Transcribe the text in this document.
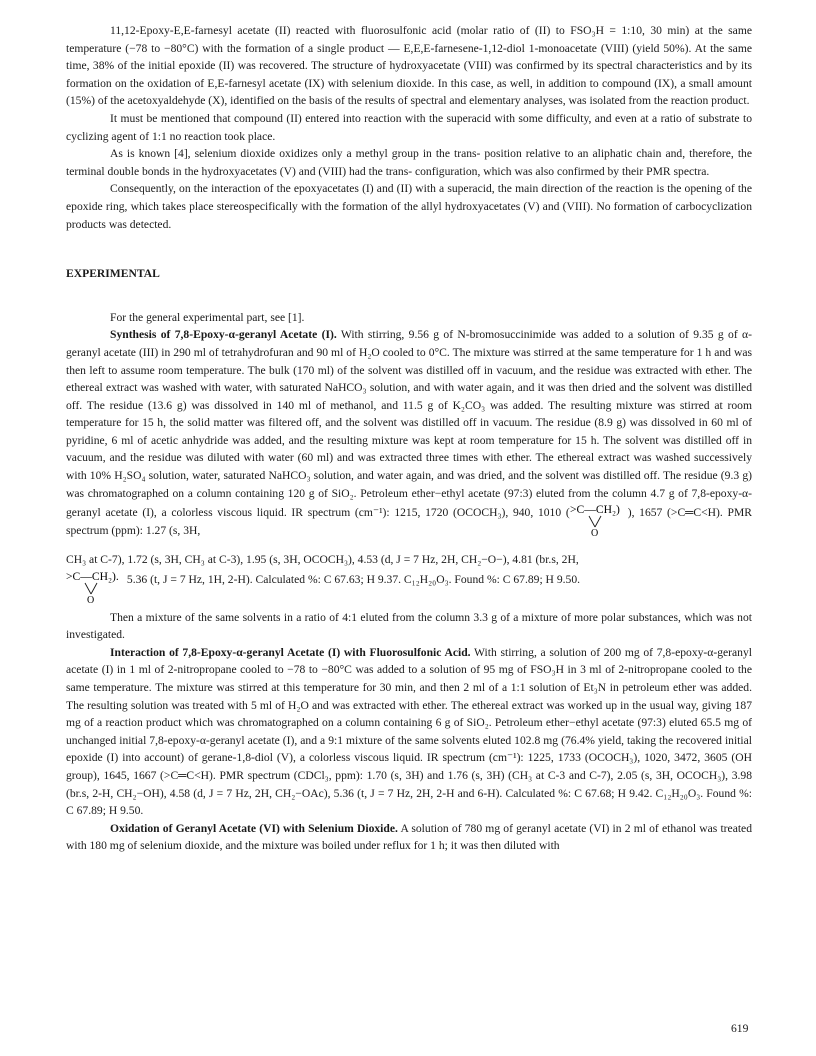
11,12-Epoxy-E,E-farnesyl acetate (II) reacted with fluorosulfonic acid (molar ratio of (II) to FSO₃H = 1:10, 30 min) at the same temperature (−78 to −80°C) with the formation of a single product — E,E,E-farnesene-1,12-diol 1-monoacetate (VIII) (yield 50%). At the same time, 38% of the initial epoxide (II) was recovered. The structure of hydroxyacetate (VIII) was confirmed by its spectral characteristics and by its formation on the oxidation of E,E-farnesyl acetate (IX) with selenium dioxide. In this case, as well, in addition to compound (IX), a small amount (15%) of the acetoxyaldehyde (X), identified on the basis of the results of spectral and elementary analyses, was isolated from the reaction product.

It must be mentioned that compound (II) entered into reaction with the superacid with some difficulty, and even at a ratio of substrate to cyclizing agent of 1:1 no reaction took place.

As is known [4], selenium dioxide oxidizes only a methyl group in the trans- position relative to an aliphatic chain and, therefore, the terminal double bonds in the hydroxyacetates (V) and (VIII) had the trans- configuration, which was also confirmed by their PMR spectra.

Consequently, on the interaction of the epoxyacetates (I) and (II) with a superacid, the main direction of the reaction is the opening of the epoxide ring, which takes place stereospecifically with the formation of the allyl hydroxyacetates (V) and (VIII). No formation of carbocyclization products was detected.

EXPERIMENTAL

For the general experimental part, see [1].

Synthesis of 7,8-Epoxy-α-geranyl Acetate (I). With stirring, 9.56 g of N-bromosuccinimide was added to a solution of 9.35 g of α-geranyl acetate (III) in 290 ml of tetrahydrofuran and 90 ml of H₂O cooled to 0°C. The mixture was stirred at the same temperature for 1 h and was then left to assume room temperature. The bulk (170 ml) of the solvent was distilled off in vacuum, and the residue was extracted with ether. The ethereal extract was washed with water, with saturated NaHCO₃ solution, and with water again, and it was then dried and the solvent was distilled off. The residue (13.6 g) was dissolved in 140 ml of methanol, and 11.5 g of K₂CO₃ was added. The resulting mixture was stirred at room temperature for 15 h, the solid matter was filtered off, and the solvent was distilled off in vacuum. The residue (8.9 g) was dissolved in 60 ml of pyridine, 6 ml of acetic anhydride was added, and the resulting mixture was kept at room temperature for 15 h. The solvent was distilled off in vacuum, and the residue was diluted with water (60 ml) and was extracted three times with ether. The ethereal extract was washed successively with 10% H₂SO₄ solution, water, saturated NaHCO₃ solution, and water again, and was dried, and the solvent was distilled off. The residue (9.3 g) was chromatographed on a column containing 120 g of SiO₂. Petroleum ether−ethyl acetate (97:3) eluted from the column 4.7 g of 7,8-epoxy-α-geranyl acetate (I), a colorless viscous liquid. IR spectrum (cm⁻¹): 1215, 1720 (OCOCH₃), 940, 1010 ( >C—CH₂)
O
), 1657 (>C═C<H). PMR spectrum (ppm): 1.27 (s, 3H,

CH₃ at C-7), 1.72 (s, 3H, CH₃ at C-3), 1.95 (s, 3H, OCOCH₃), 4.53 (d, J = 7 Hz, 2H, CH₂−O−), 4.81 (br.s, 2H,

>C—CH₂).
O
5.36 (t, J = 7 Hz, 1H, 2-H). Calculated %: C 67.63; H 9.37. C₁₂H₂₀O₃. Found %: C 67.89; H 9.50.

Then a mixture of the same solvents in a ratio of 4:1 eluted from the column 3.3 g of a mixture of more polar substances, which was not investigated.

Interaction of 7,8-Epoxy-α-geranyl Acetate (I) with Fluorosulfonic Acid. With stirring, a solution of 200 mg of 7,8-epoxy-α-geranyl acetate (I) in 1 ml of 2-nitropropane cooled to −78 to −80°C was added to a solution of 95 mg of FSO₃H in 3 ml of 2-nitropropane cooled to the same temperature. The mixture was stirred at this temperature for 30 min, and then 2 ml of a 1:1 solution of Et₃N in petroleum ether was added. The resulting solution was treated with 5 ml of H₂O and was extracted with ether. The ethereal extract was worked up in the usual way, giving 187 mg of a reaction product which was chromatographed on a column containing 6 g of SiO₂. Petroleum ether−ethyl acetate (97:3) eluted 65.5 mg of unchanged initial 7,8-epoxy-α-geranyl acetate (I), and a 9:1 mixture of the same solvents eluted 102.8 mg (76.4% yield, taking the recovered initial epoxide (I) into account) of gerane-1,8-diol (V), a colorless viscous liquid. IR spectrum (cm⁻¹): 1225, 1733 (OCOCH₃), 1020, 3472, 3605 (OH group), 1645, 1667 (>C═C<H). PMR spectrum (CDCl₃, ppm): 1.70 (s, 3H) and 1.76 (s, 3H) (CH₃ at C-3 and C-7), 2.05 (s, 3H, OCOCH₃), 3.98 (br.s, 2-H, CH₂−OH), 4.58 (d, J = 7 Hz, 2H, CH₂−OAc), 5.36 (t, J = 7 Hz, 2H, 2-H and 6-H). Calculated %: C 67.68; H 9.42. C₁₂H₂₀O₃. Found %: C 67.89; H 9.50.

Oxidation of Geranyl Acetate (VI) with Selenium Dioxide. A solution of 780 mg of geranyl acetate (VI) in 2 ml of ethanol was treated with 180 mg of selenium dioxide, and the mixture was boiled under reflux for 1 h; it was then diluted with

619
